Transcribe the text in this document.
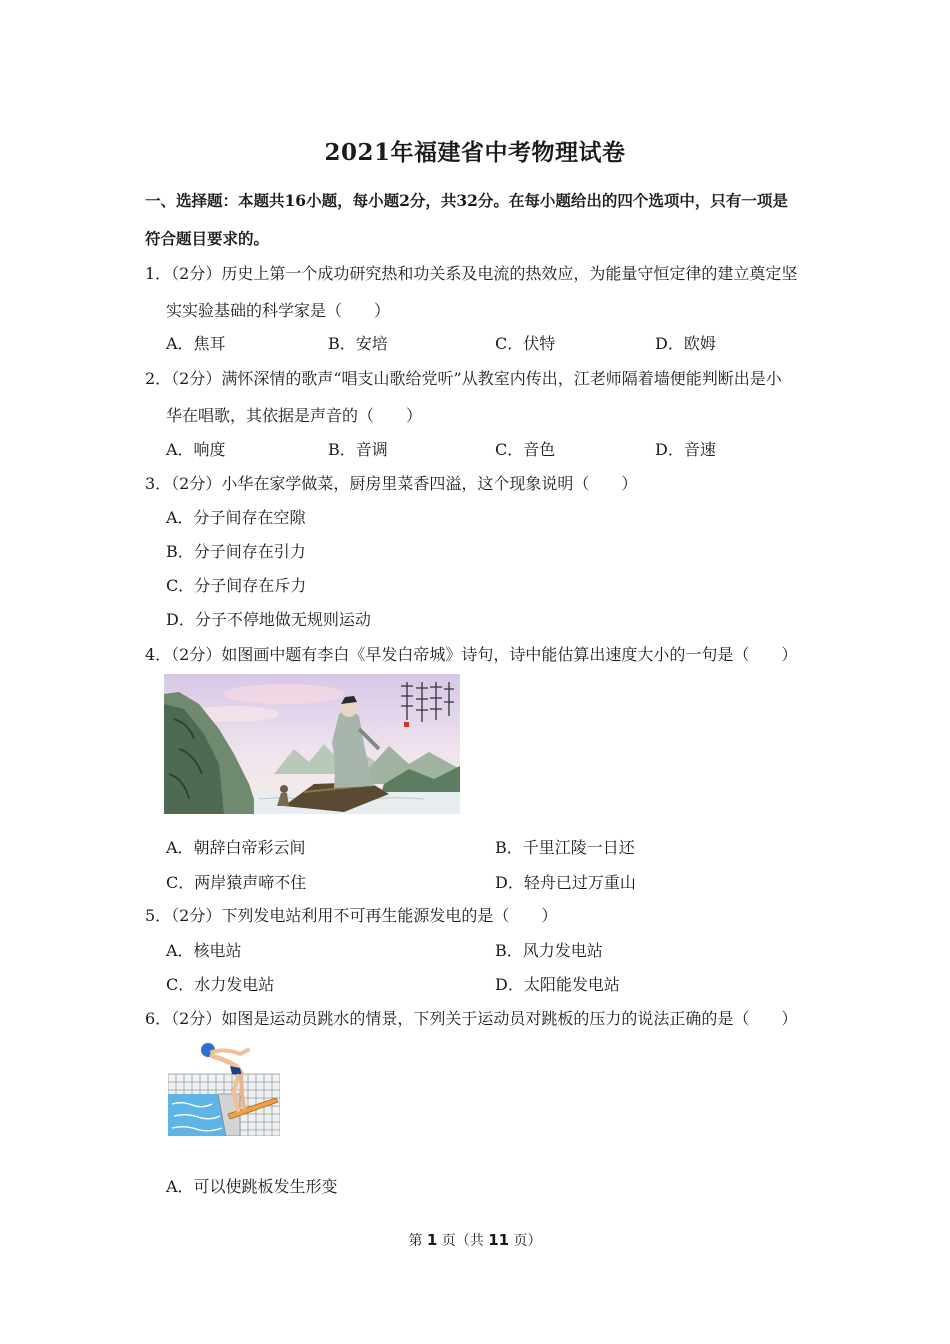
2021年福建省中考物理试卷
一、选择题：本题共16小题，每小题2分，共32分。在每小题给出的四个选项中，只有一项是
符合题目要求的。
1．（2分）历史上第一个成功研究热和功关系及电流的热效应，为能量守恒定律的建立奠定坚
实实验基础的科学家是（　　）
A．焦耳	B．安培	C．伏特	D．欧姆
2．（2分）满怀深情的歌声“唱支山歌给党听”从教室内传出，江老师隔着墙便能判断出是小
华在唱歌，其依据是声音的（　　）
A．响度	B．音调	C．音色	D．音速
3．（2分）小华在家学做菜，厨房里菜香四溢，这个现象说明（　　）
A．分子间存在空隙
B．分子间存在引力
C．分子间存在斥力
D．分子不停地做无规则运动
4．（2分）如图画中题有李白《早发白帝城》诗句，诗中能估算出速度大小的一句是（　　）
A．朝辞白帝彩云间	B．千里江陵一日还
C．两岸猿声啼不住	D．轻舟已过万重山
5．（2分）下列发电站利用不可再生能源发电的是（　　）
A．核电站	B．风力发电站
C．水力发电站	D．太阳能发电站
6．（2分）如图是运动员跳水的情景，下列关于运动员对跳板的压力的说法正确的是（　　）
A．可以使跳板发生形变
第 1 页（共 11 页）
